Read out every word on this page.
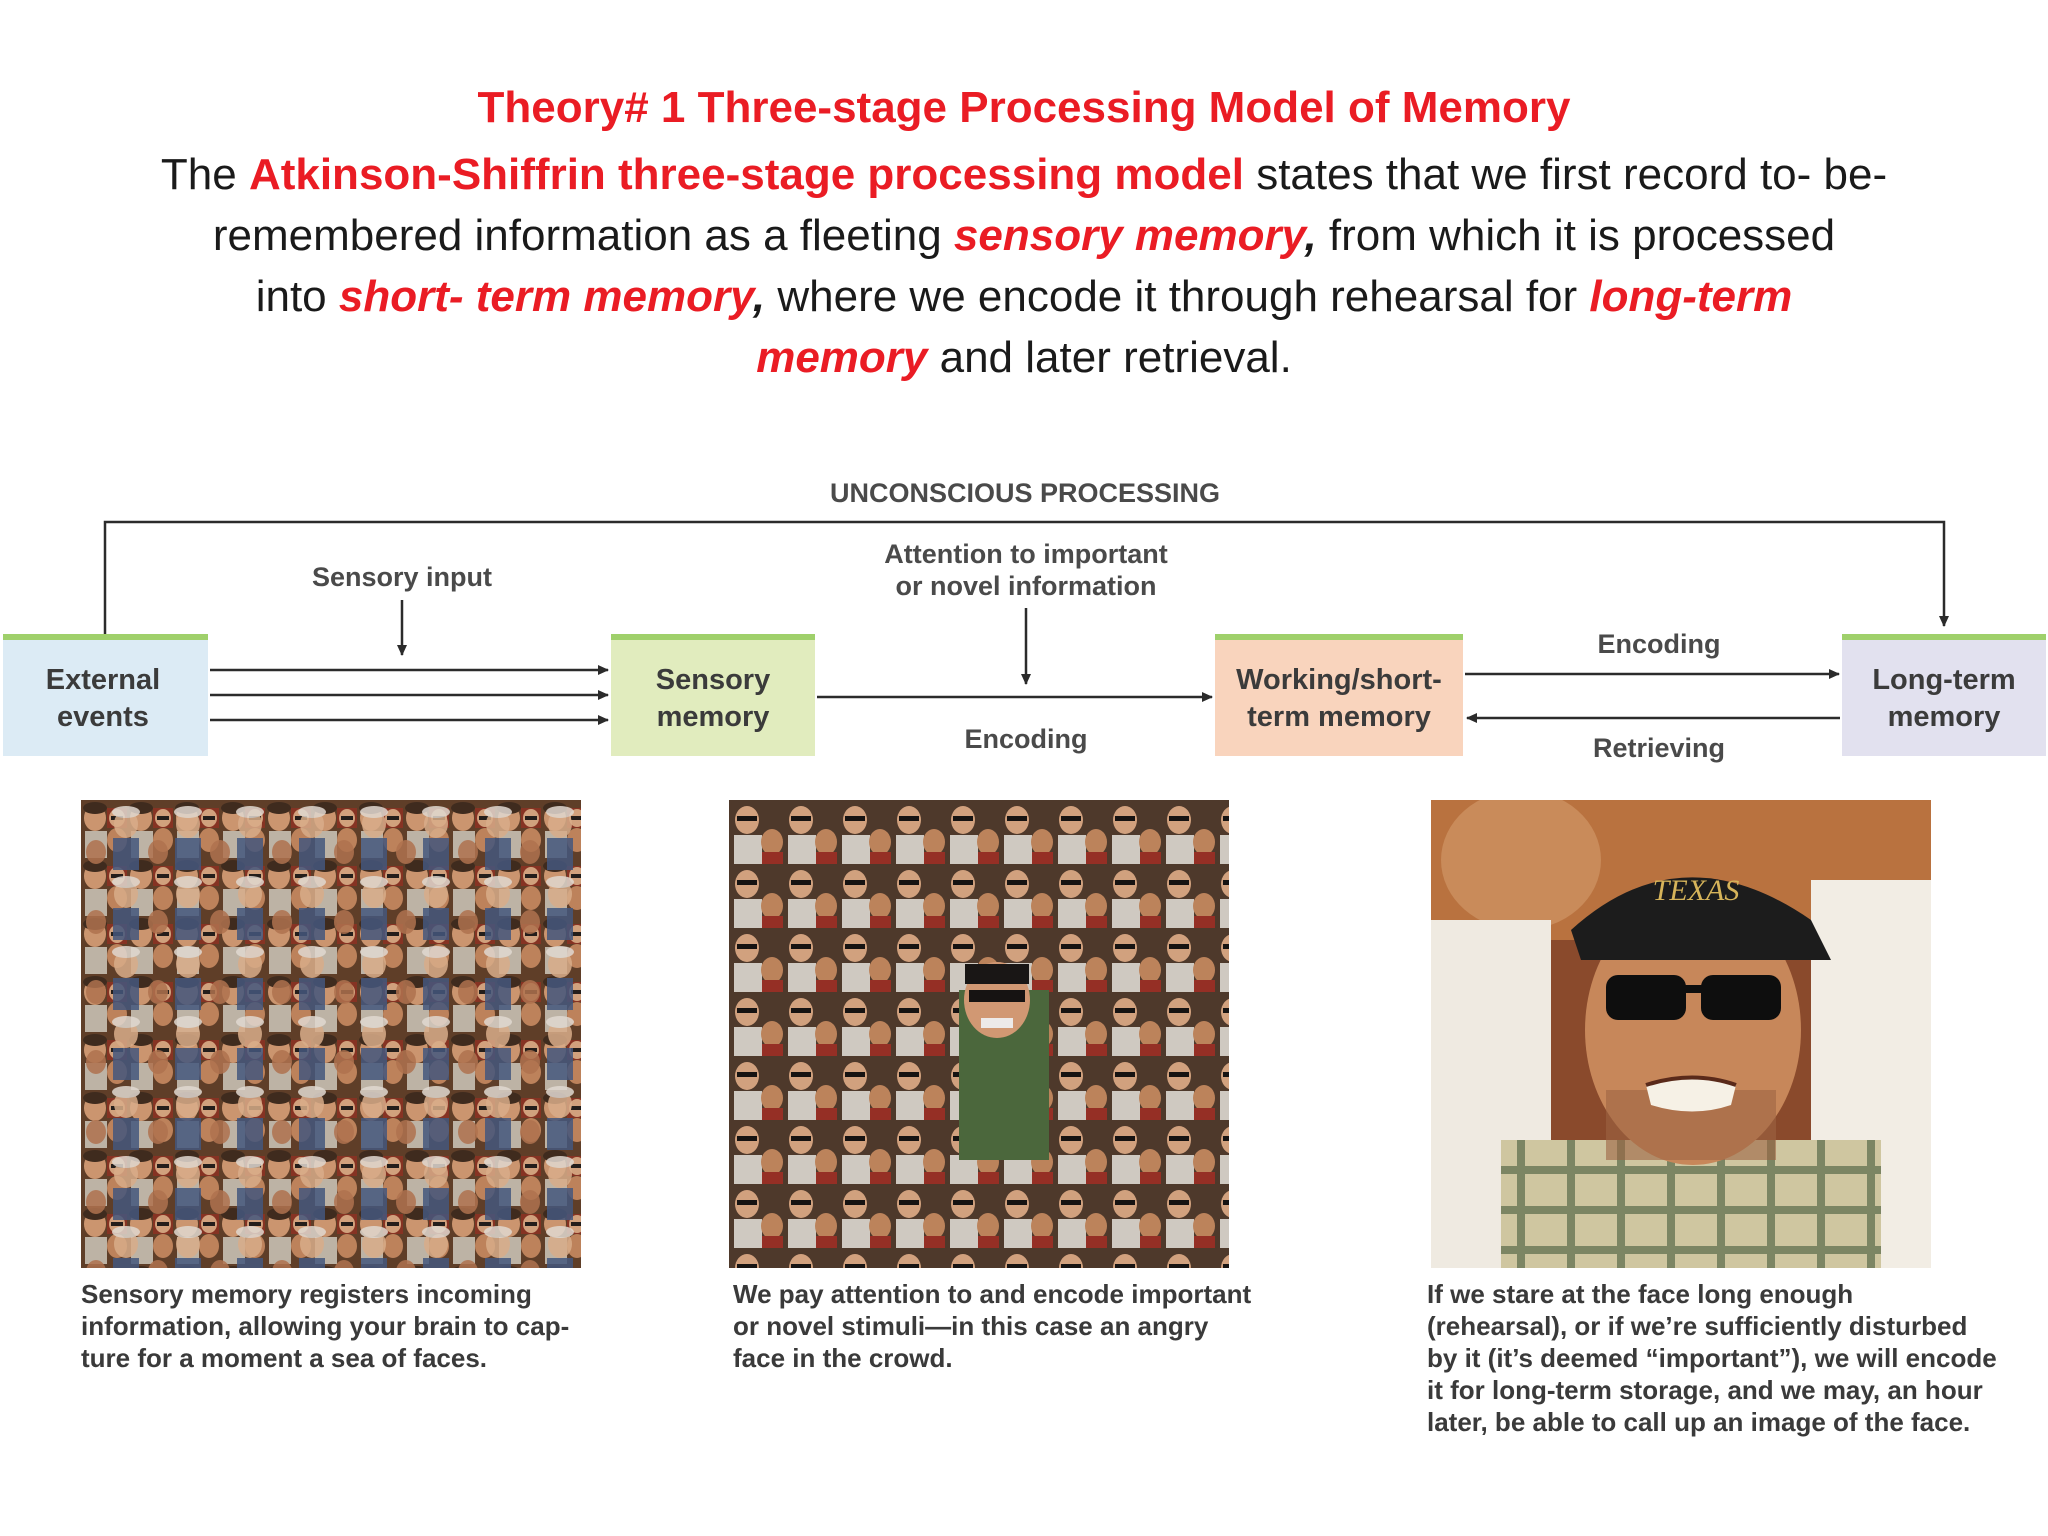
Theory# 1 Three-stage Processing Model of Memory
The Atkinson-Shiffrin three-stage processing model states that we first record to- be-
remembered information as a fleeting sensory memory, from which it is processed
into short- term memory, where we encode it through rehearsal for long-term
memory and later retrieval.
UNCONSCIOUS PROCESSING
External
events
Sensory
memory
Working/short-
term memory
Long-term
memory
Sensory input
Attention to important
or novel information
Encoding
Encoding
Retrieving
Sensory memory registers incoming
information, allowing your brain to cap-
ture for a moment a sea of faces.
We pay attention to and encode important
or novel stimuli—in this case an angry
face in the crowd.
TEXAS
If we stare at the face long enough
(rehearsal), or if we’re sufficiently disturbed
by it (it’s deemed “important”), we will encode
it for long-term storage, and we may, an hour
later, be able to call up an image of the face.
